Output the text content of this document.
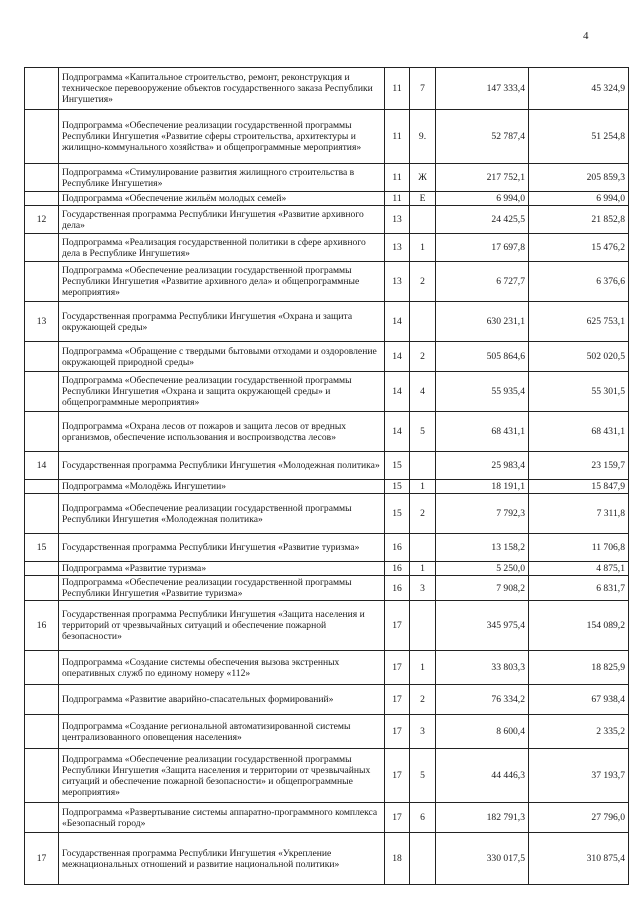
4
	Подпрограмма «Капитальное строительство, ремонт, реконструкция и техническое перевооружение объектов государственного заказа Республики Ингушетия»	11	7	147 333,4	45 324,9
	Подпрограмма «Обеспечение реализации государственной программы Республики Ингушетия «Развитие сферы строительства, архитектуры и жилищно-коммунального хозяйства» и общепрограммные мероприятия»	11	9.	52 787,4	51 254,8
	Подпрограмма «Стимулирование развития жилищного строительства в Республике Ингушетия»	11	Ж	217 752,1	205 859,3
	Подпрограмма «Обеспечение жильём молодых семей»	11	Е	6 994,0	6 994,0
12	Государственная программа Республики Ингушетия «Развитие архивного дела»	13		24 425,5	21 852,8
	Подпрограмма «Реализация государственной политики в сфере архивного дела в Республике Ингушетия»	13	1	17 697,8	15 476,2
	Подпрограмма «Обеспечение реализации государственной программы Республики Ингушетия «Развитие архивного дела» и общепрограммные мероприятия»	13	2	6 727,7	6 376,6
13	Государственная программа Республики Ингушетия «Охрана и защита окружающей среды»	14		630 231,1	625 753,1
	Подпрограмма «Обращение с твердыми бытовыми отходами и оздоровление окружающей природной среды»	14	2	505 864,6	502 020,5
	Подпрограмма «Обеспечение реализации государственной программы Республики Ингушетия «Охрана и защита окружающей среды» и общепрограммные мероприятия»	14	4	55 935,4	55 301,5
	Подпрограмма «Охрана лесов от пожаров и защита лесов от вредных организмов, обеспечение использования и воспроизводства лесов»	14	5	68 431,1	68 431,1
14	Государственная программа Республики Ингушетия «Молодежная политика»	15		25 983,4	23 159,7
	Подпрограмма «Молодёжь Ингушетии»	15	1	18 191,1	15 847,9
	Подпрограмма «Обеспечение реализации государственной программы Республики Ингушетия «Молодежная политика»	15	2	7 792,3	7 311,8
15	Государственная программа Республики Ингушетия «Развитие туризма»	16		13 158,2	11 706,8
	Подпрограмма «Развитие туризма»	16	1	5 250,0	4 875,1
	Подпрограмма «Обеспечение реализации государственной программы Республики Ингушетия «Развитие туризма»	16	3	7 908,2	6 831,7
16	Государственная программа Республики Ингушетия «Защита населения и территорий от чрезвычайных ситуаций и обеспечение пожарной безопасности»	17		345 975,4	154 089,2
	Подпрограмма «Создание системы обеспечения вызова экстренных оперативных служб по единому номеру «112»	17	1	33 803,3	18 825,9
	Подпрограмма «Развитие аварийно-спасательных формирований»	17	2	76 334,2	67 938,4
	Подпрограмма «Создание региональной автоматизированной системы централизованного оповещения населения»	17	3	8 600,4	2 335,2
	Подпрограмма «Обеспечение реализации государственной программы Республики Ингушетия «Защита населения и территории от чрезвычайных ситуаций и обеспечение пожарной безопасности» и общепрограммные мероприятия»	17	5	44 446,3	37 193,7
	Подпрограмма «Развертывание системы аппаратно-программного комплекса «Безопасный город»	17	6	182 791,3	27 796,0
17	Государственная программа Республики Ингушетия «Укрепление межнациональных отношений и развитие национальной политики»	18		330 017,5	310 875,4
